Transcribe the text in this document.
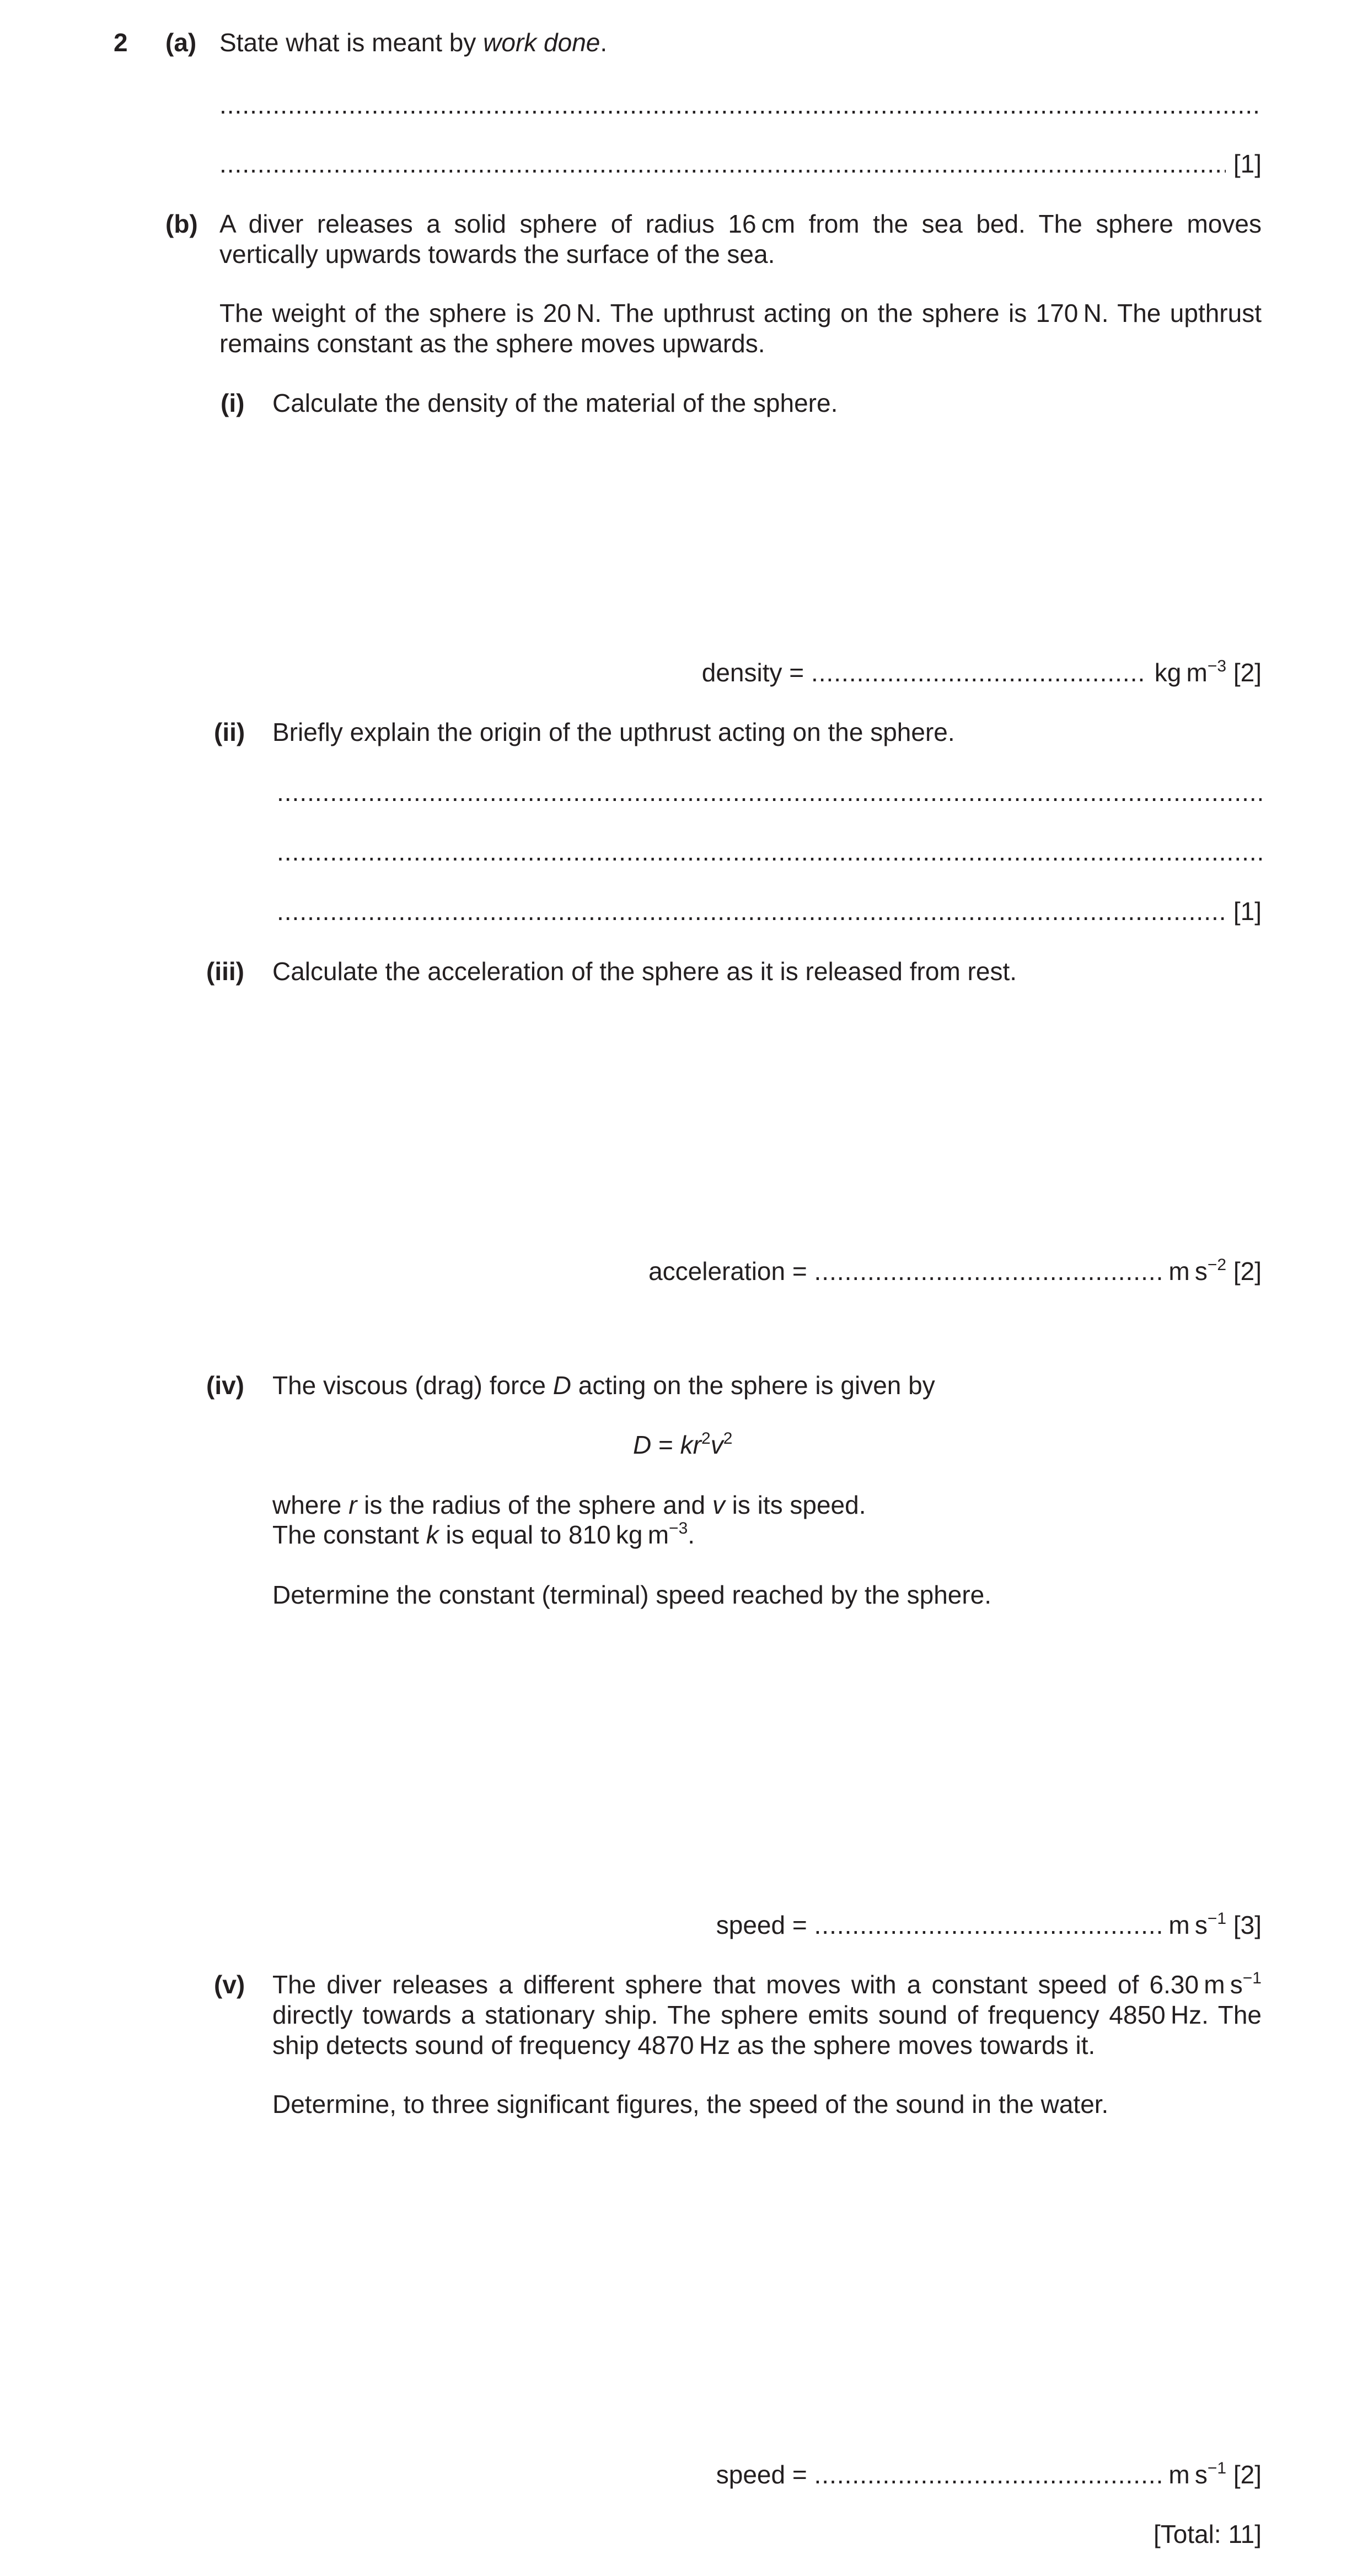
2 (a) State what is meant by work done.
.....
.....
[1]
(b) A diver releases a solid sphere of radius 16 cm from the sea bed. The sphere moves vertically upwards towards the surface of the sea.
The weight of the sphere is 20 N. The upthrust acting on the sphere is 170 N. The upthrust remains constant as the sphere moves upwards.
(i) Calculate the density of the material of the sphere.
density = .....	kg $m^{-3}$ [2]
(ii) Briefly explain the origin of the upthrust acting on the sphere.
.....
.....
.....
[1]
(iii) Calculate the acceleration of the sphere as it is released from rest.
acceleration = .....	m $s^{-2}$ [2]
(iv) The viscous (drag) force D acting on the sphere is given by
$D = kr^2v^2$
where r is the radius of the sphere and v is its speed.
The constant k is equal to 810 kg $m^{-3}$.
Determine the constant (terminal) speed reached by the sphere.
speed = .....	m $s^{-1}$ [3]
(v) The diver releases a different sphere that moves with a constant speed of 6.30 m $s^{-1}$ directly towards a stationary ship. The sphere emits sound of frequency 4850 Hz. The ship detects sound of frequency 4870 Hz as the sphere moves towards it.
Determine, to three significant figures, the speed of the sound in the water.
speed = .....	m $s^{-1}$ [2]
[Total: 11]
